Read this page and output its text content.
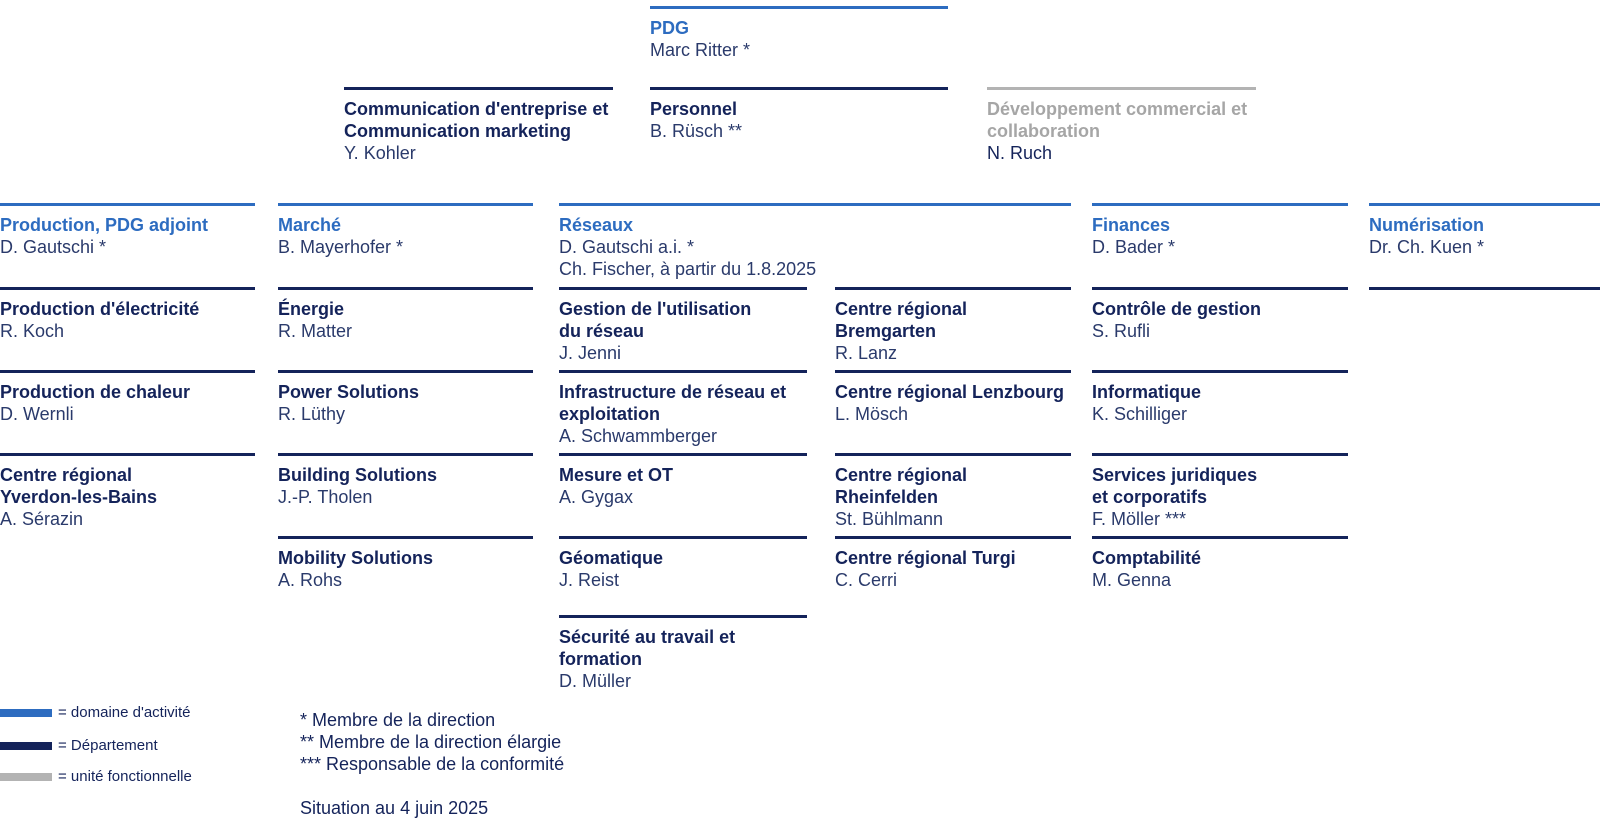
PDG
Marc Ritter *
Communication d'entreprise et Communication marketing
Y. Kohler
Personnel
B. Rüsch **
Développement commercial et collaboration
N. Ruch
Production, PDG adjoint
D. Gautschi *
Marché
B. Mayerhofer *
Réseaux
D. Gautschi a.i. *
Ch. Fischer, à partir du 1.8.2025
Finances
D. Bader *
Numérisation
Dr. Ch. Kuen *
Production d'électricité
R. Koch
Production de chaleur
D. Wernli
Centre régional Yverdon-les-Bains
A. Sérazin
Énergie
R. Matter
Power Solutions
R. Lüthy
Building Solutions
J.-P. Tholen
Mobility Solutions
A. Rohs
Gestion de l'utilisation du réseau
J. Jenni
Infrastructure de réseau et exploitation
A. Schwammberger
Mesure et OT
A. Gygax
Géomatique
J. Reist
Sécurité au travail et formation
D. Müller
Centre régional Bremgarten
R. Lanz
Centre régional Lenzbourg
L. Mösch
Centre régional Rheinfelden
St. Bühlmann
Centre régional Turgi
C. Cerri
Contrôle de gestion
S. Rufli
Informatique
K. Schilliger
Services juridiques et corporatifs
F. Möller ***
Comptabilité
M. Genna
= domaine d'activité
= Département
= unité fonctionnelle
* Membre de la direction
** Membre de la direction élargie
*** Responsable de la conformité
Situation au 4 juin 2025
